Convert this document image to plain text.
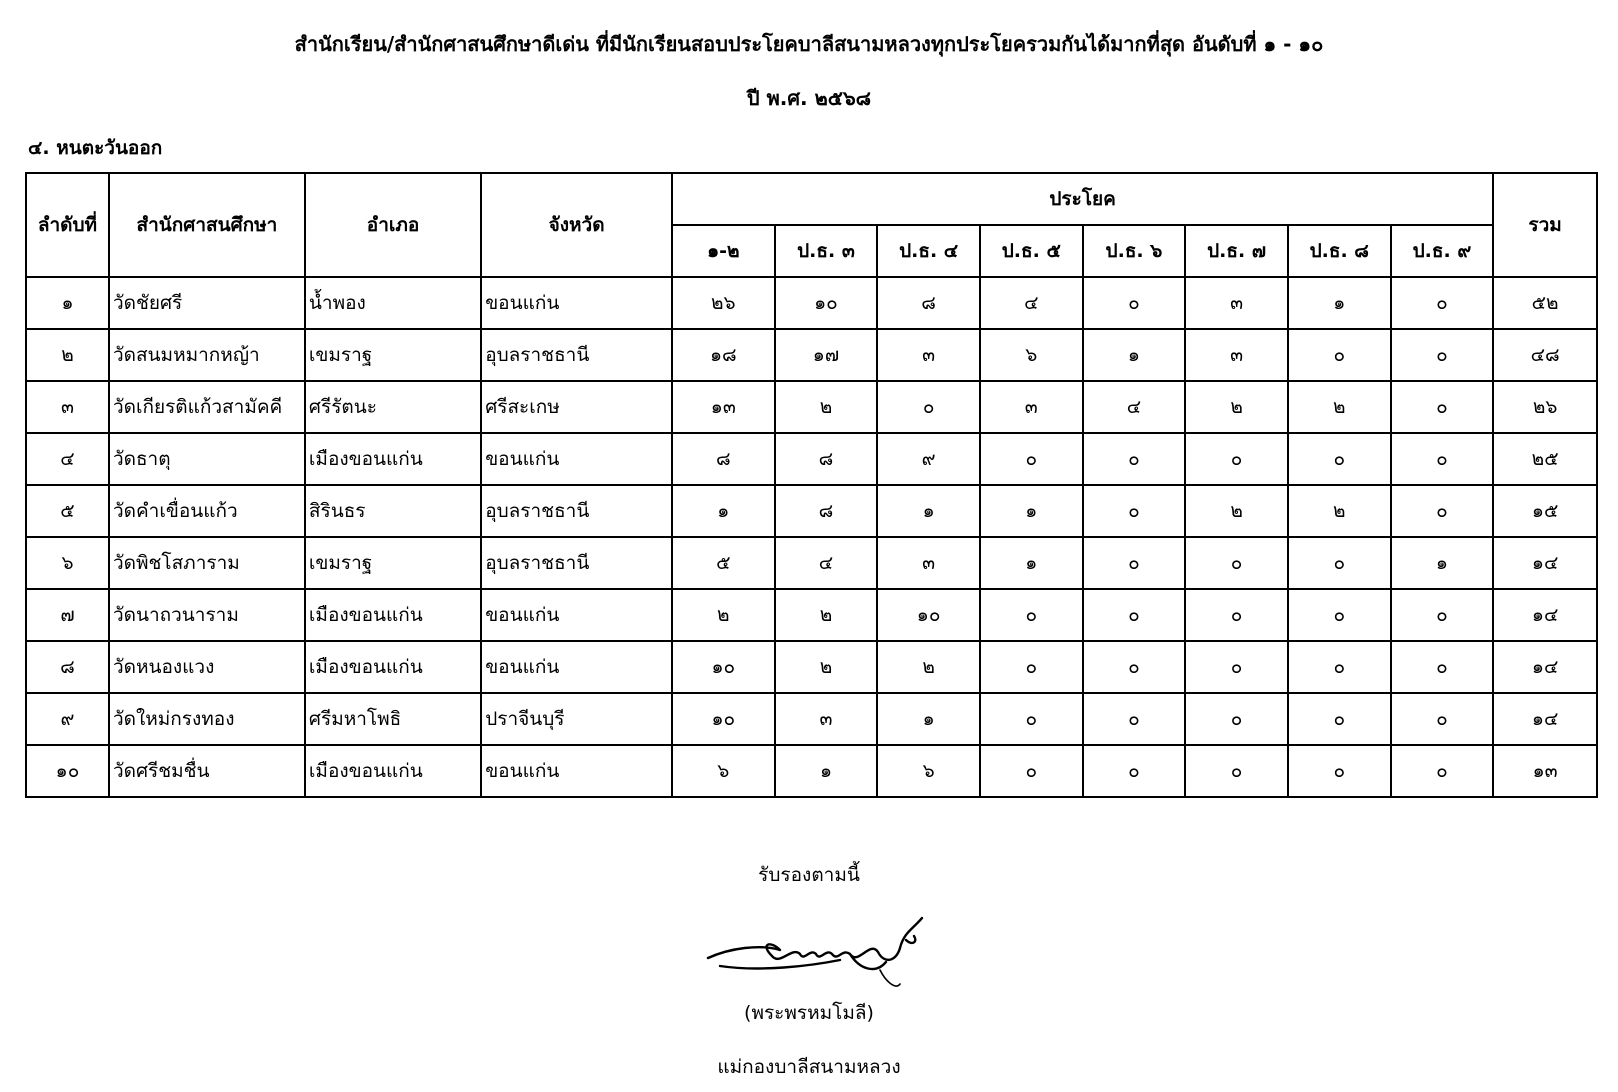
สำนักเรียน/สำนักศาสนศึกษาดีเด่น ที่มีนักเรียนสอบประโยคบาลีสนามหลวงทุกประโยครวมกันได้มากที่สุด อันดับที่ ๑ - ๑๐
ปี พ.ศ. ๒๕๖๘
๔. หนตะวันออก
ลำดับที่	สำนักศาสนศึกษา	อำเภอ	จังหวัด	ประโยค								รวม
				๑-๒	ป.ธ. ๓	ป.ธ. ๔	ป.ธ. ๕	ป.ธ. ๖	ป.ธ. ๗	ป.ธ. ๘	ป.ธ. ๙	
๑	วัดชัยศรี	น้ำพอง	ขอนแก่น	๒๖	๑๐	๘	๔	๐	๓	๑	๐	๕๒
๒	วัดสนมหมากหญ้า	เขมราฐ	อุบลราชธานี	๑๘	๑๗	๓	๖	๑	๓	๐	๐	๔๘
๓	วัดเกียรติแก้วสามัคคี	ศรีรัตนะ	ศรีสะเกษ	๑๓	๒	๐	๓	๔	๒	๒	๐	๒๖
๔	วัดธาตุ	เมืองขอนแก่น	ขอนแก่น	๘	๘	๙	๐	๐	๐	๐	๐	๒๕
๕	วัดคำเขื่อนแก้ว	สิรินธร	อุบลราชธานี	๑	๘	๑	๑	๐	๒	๒	๐	๑๕
๖	วัดพิชโสภาราม	เขมราฐ	อุบลราชธานี	๕	๔	๓	๑	๐	๐	๐	๑	๑๔
๗	วัดนาถวนาราม	เมืองขอนแก่น	ขอนแก่น	๒	๒	๑๐	๐	๐	๐	๐	๐	๑๔
๘	วัดหนองแวง	เมืองขอนแก่น	ขอนแก่น	๑๐	๒	๒	๐	๐	๐	๐	๐	๑๔
๙	วัดใหม่กรงทอง	ศรีมหาโพธิ	ปราจีนบุรี	๑๐	๓	๑	๐	๐	๐	๐	๐	๑๔
๑๐	วัดศรีชมชื่น	เมืองขอนแก่น	ขอนแก่น	๖	๑	๖	๐	๐	๐	๐	๐	๑๓
รับรองตามนี้
(พระพรหมโมลี)
แม่กองบาลีสนามหลวง
